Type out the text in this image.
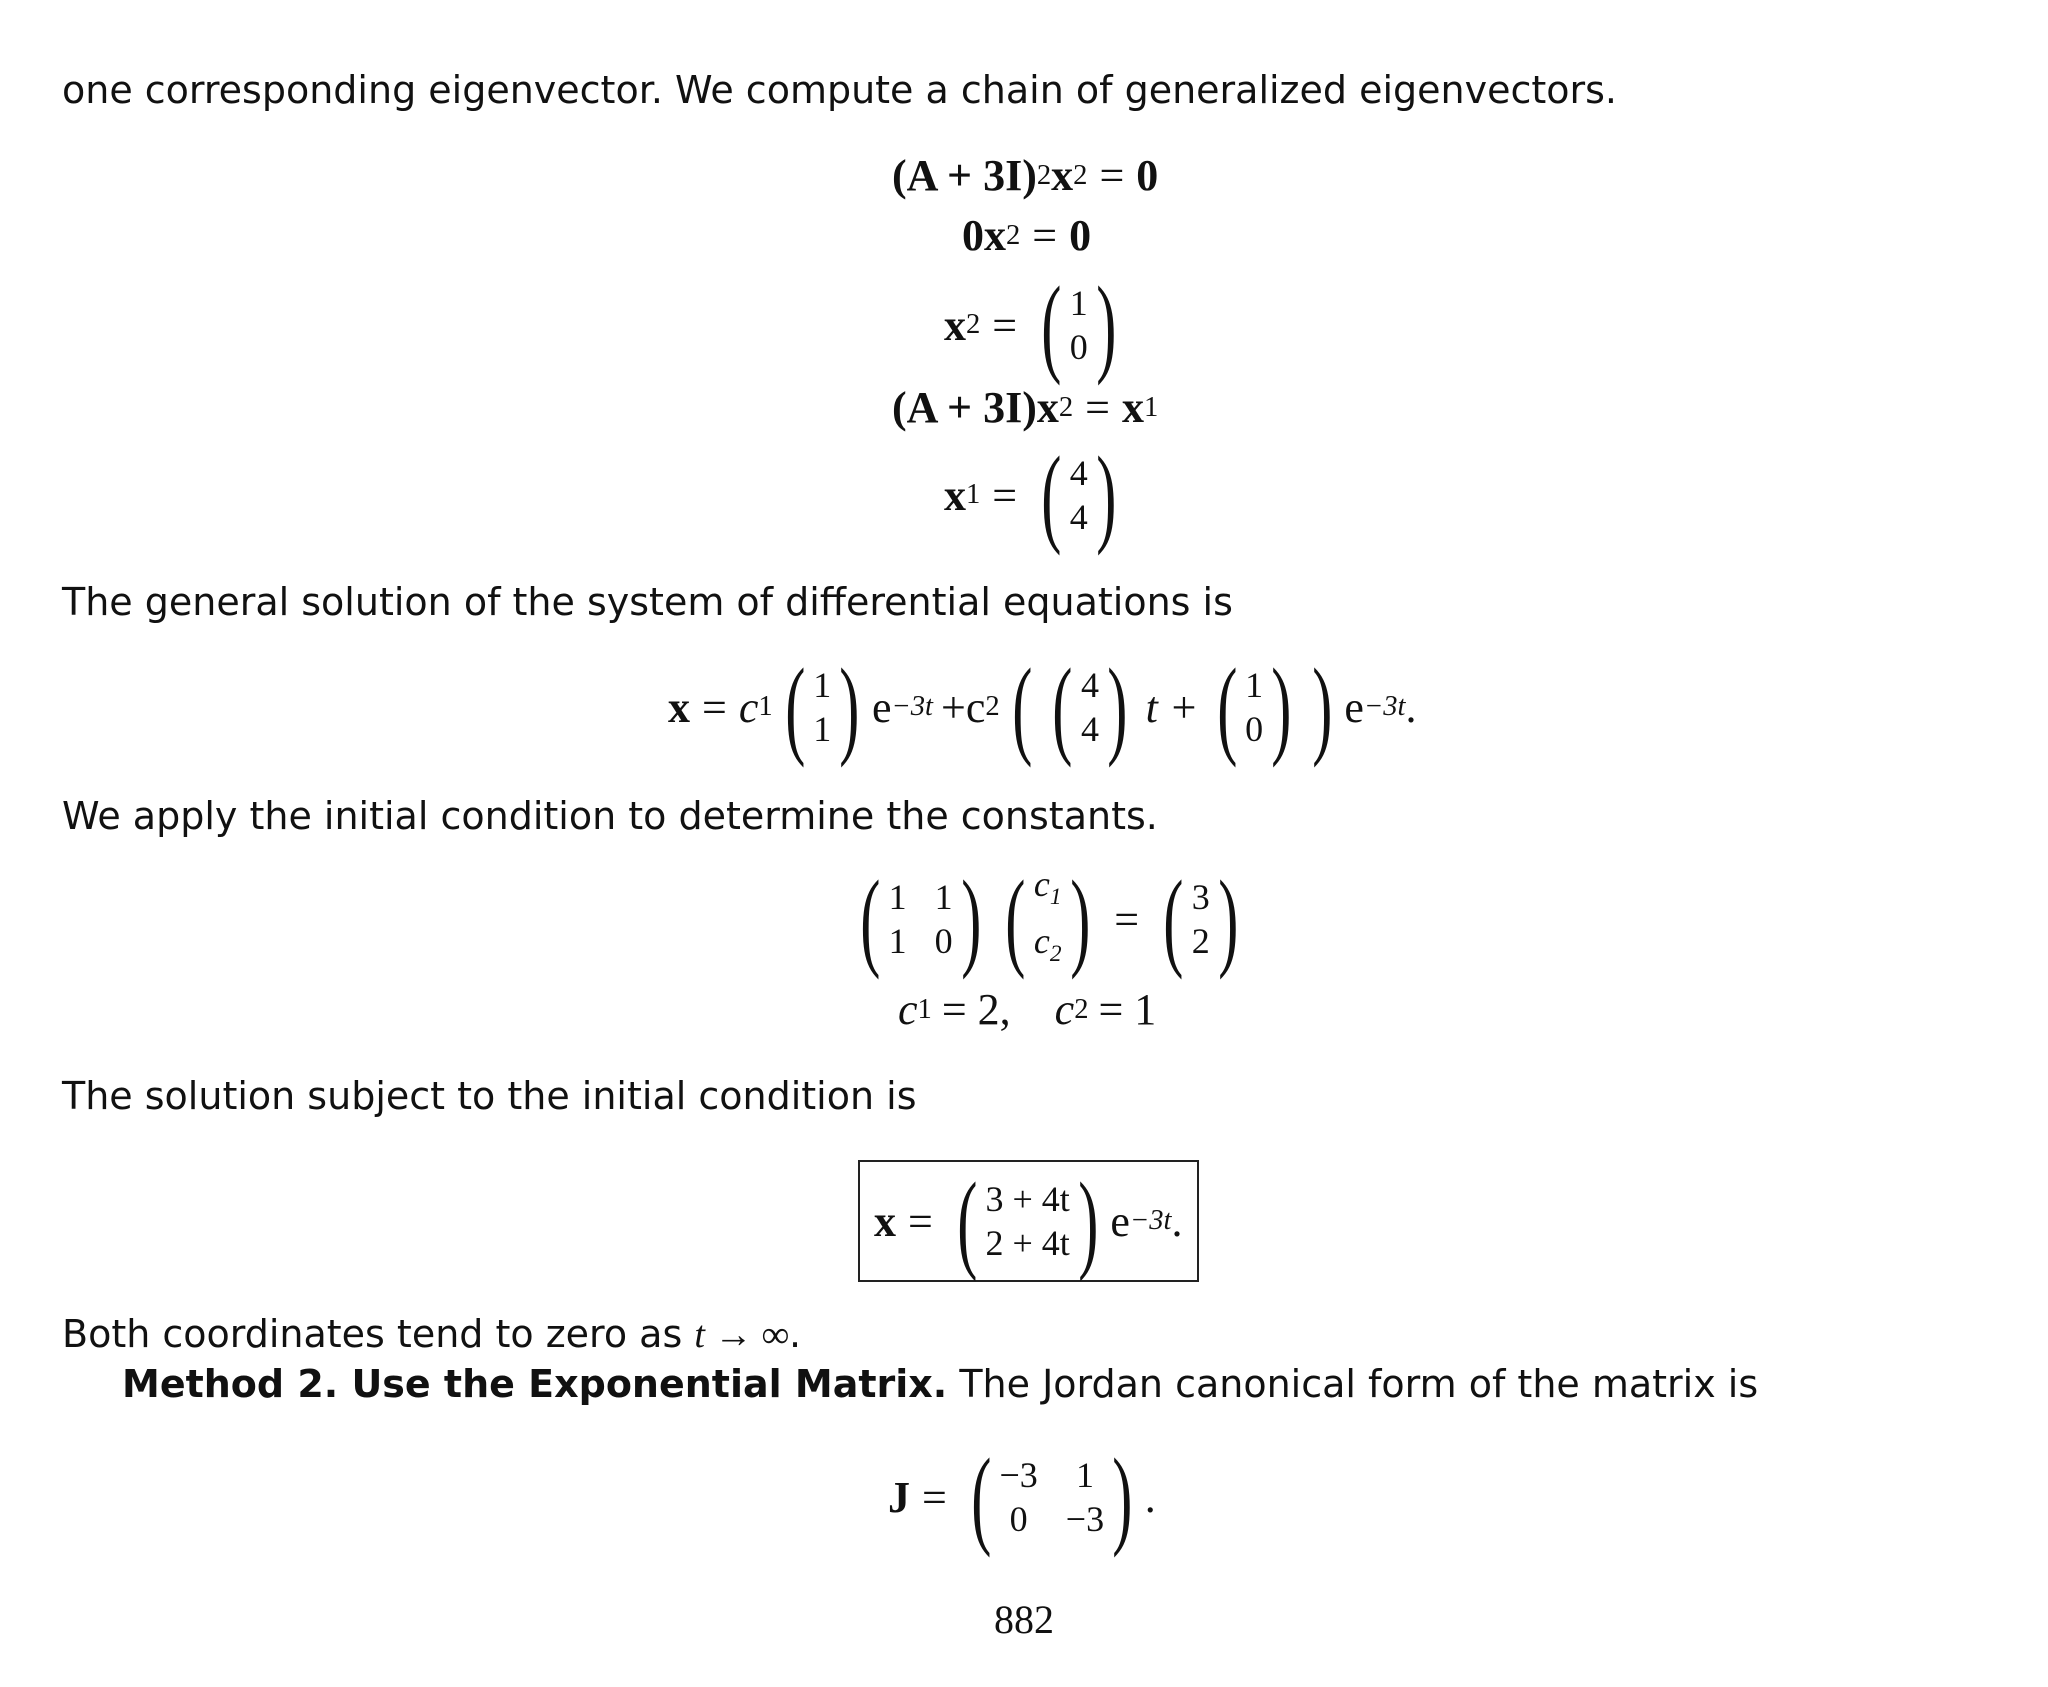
one corresponding eigenvector. We compute a chain of generalized eigenvectors.
(A + 3I) 2 x 2 = 0
0 x 2 = 0
x 2 = ( 1
0 )
(A + 3I) x 2 = x 1
x 1 = ( 4
4 )
The general solution of the system of differential equations is
x = c 1 ( 1
1 ) e −3t +c 2 ( ( 4
4 ) t + ( 1
0 ) ) e −3t .
We apply the initial condition to determine the constants.
( 1 1
1 0 ) ( $c_1$
$c_2$ ) = ( 3
2 )
c 1 = 2, c 2 = 1
The solution subject to the initial condition is
x = ( 3 + 4t
2 + 4t ) e −3t .
Both coordinates tend to zero as t → ∞.
Method 2. Use the Exponential Matrix. The Jordan canonical form of the matrix is
J = ( −3 1
0 −3 ) .
882
